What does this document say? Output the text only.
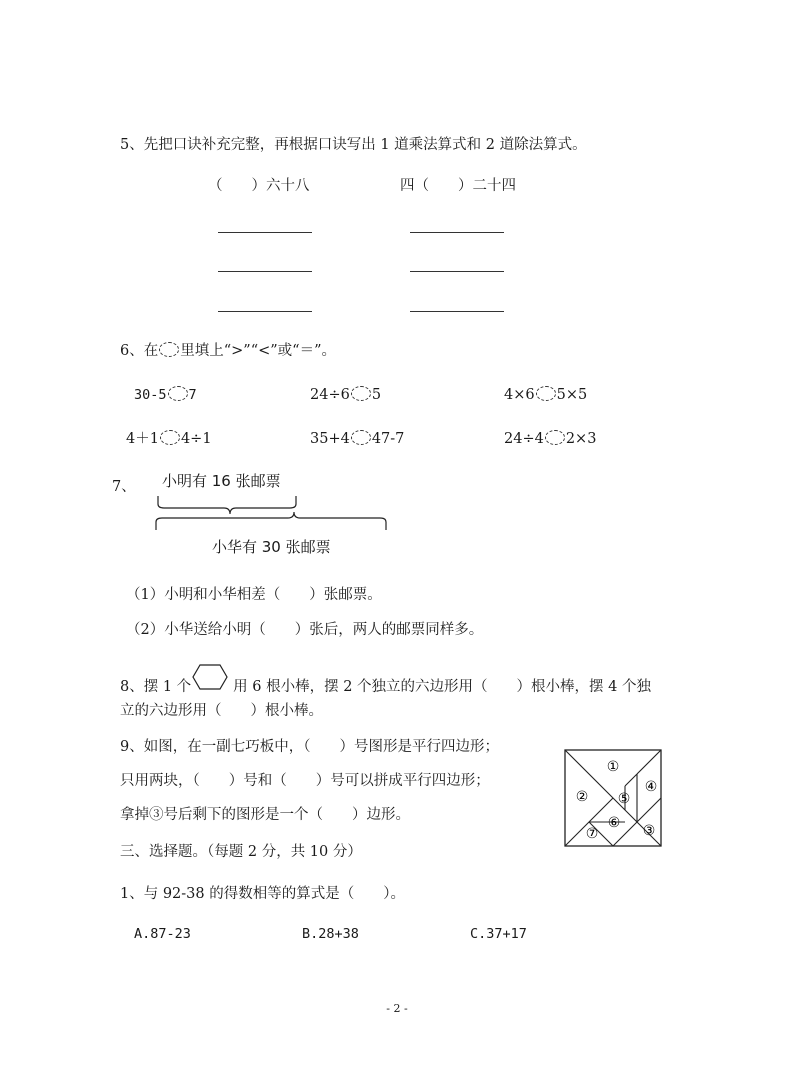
5、先把口诀补充完整，再根据口诀写出 1 道乘法算式和 2 道除法算式。
（　　）六十八	四（　　）二十四
6、在 里填上“>”“<”或“＝”。
30-5 7	24÷6 5	4×6 5×5
4＋1 4÷1	35+4 47-7	24÷4 2×3
7、 小明有 16 张邮票
小华有 30 张邮票
（1）小明和小华相差（　　）张邮票。
（2）小华送给小明（　　）张后，两人的邮票同样多。
8、摆 1 个	用 6 根小棒，摆 2 个独立的六边形用（　　）根小棒，摆 4 个独
立的六边形用（　　）根小棒。
9、如图，在一副七巧板中，（　　）号图形是平行四边形；
只用两块，（　　）号和（　　）号可以拼成平行四边形；
拿掉③号后剩下的图形是一个（　　）边形。
①
②
③
④
⑤
⑥
⑦
三、选择题。（每题 2 分，共 10 分）
1、与 92-38 的得数相等的算式是（　　）。
A.87-23	B.28+38	C.37+17
- 2 -
